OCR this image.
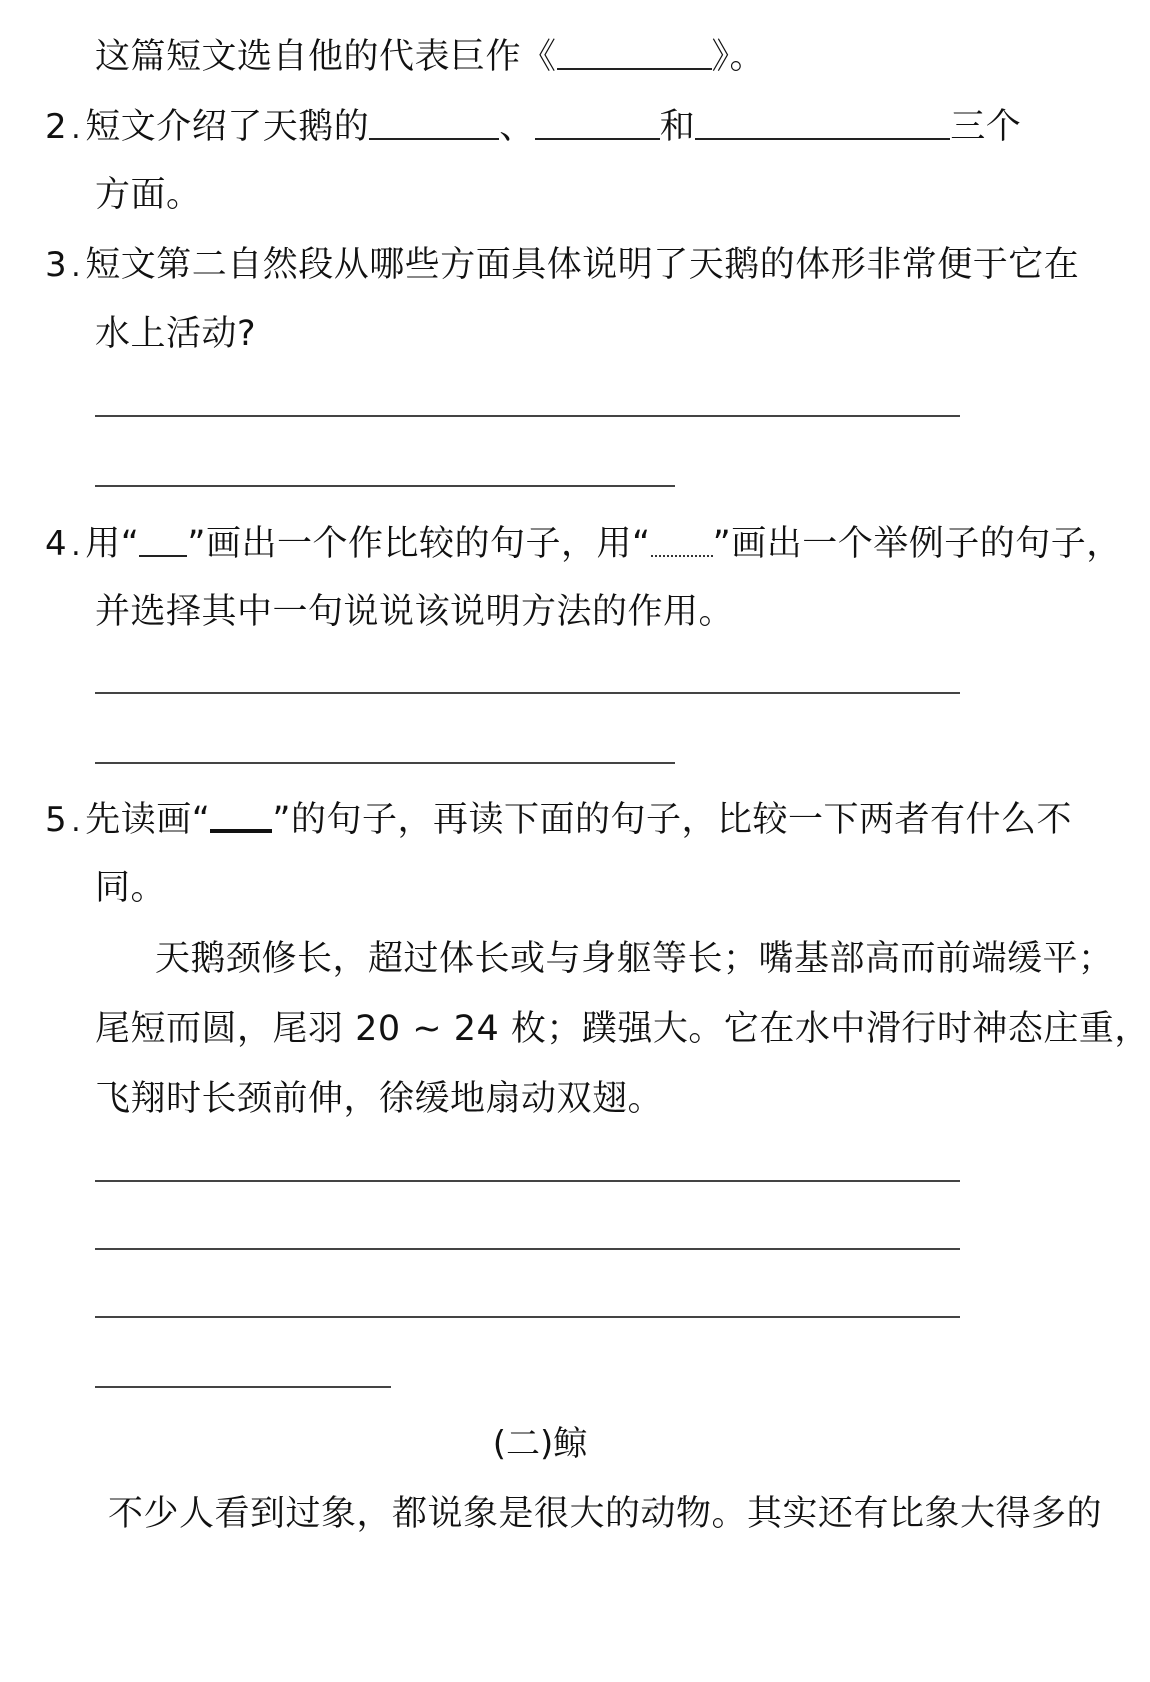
这篇短文选自他的代表巨作《	》。
2 . 短文介绍了天鹅的	、	和	三个
方面。
3 . 短文第二自然段从哪些方面具体说明了天鹅的体形非常便于它在
水上活动?
4 . 用“ ”画出一个作比较的句子，用“ ”画出一个举例子的句子，
并选择其中一句说说该说明方法的作用。
5 . 先读画“ ”的句子，再读下面的句子，比较一下两者有什么不
同。
天鹅颈修长，超过体长或与身躯等长；嘴基部高而前端缓平；
尾短而圆，尾羽 20 ~ 24 枚；蹼强大。它在水中滑行时神态庄重，
飞翔时长颈前伸，徐缓地扇动双翅。
(二)鲸
不少人看到过象，都说象是很大的动物。其实还有比象大得多的
